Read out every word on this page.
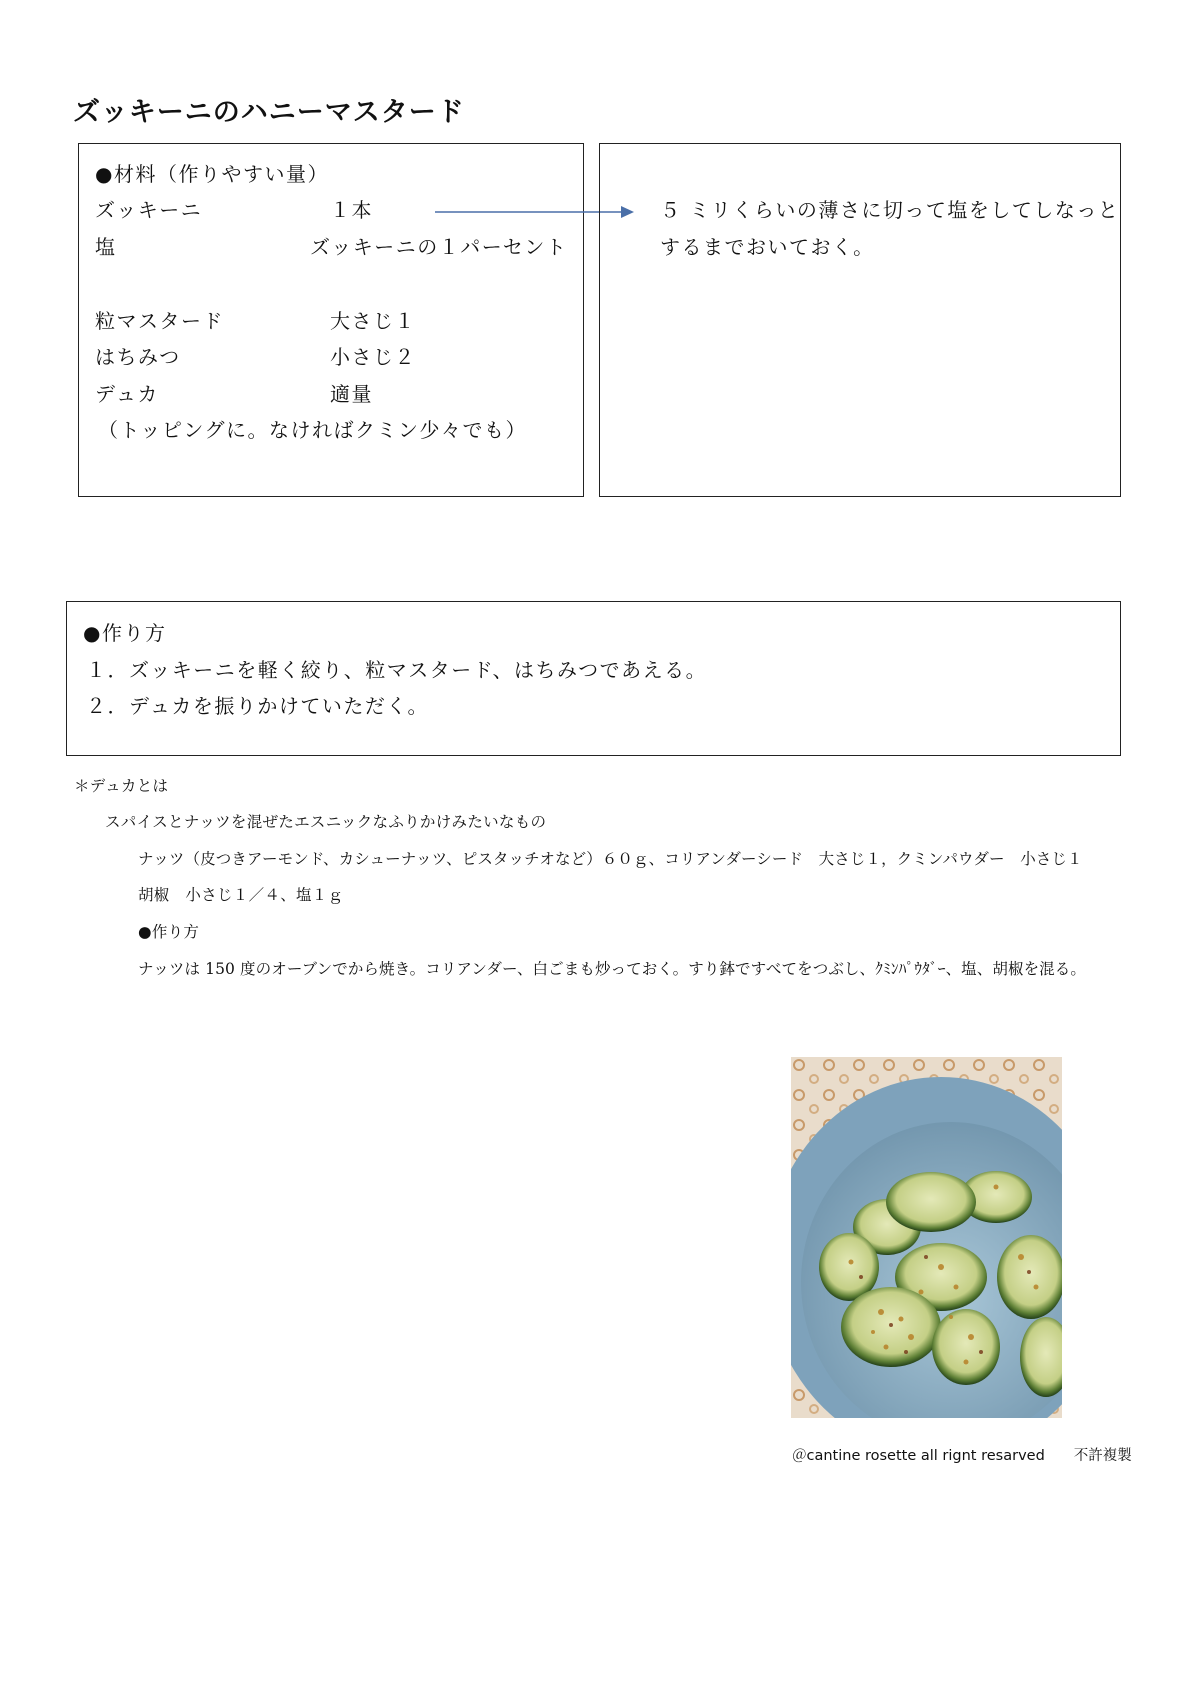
ズッキーニのハニーマスタード
●材料（作りやすい量）
ズッキーニ	１本
塩	ズッキーニの１パーセント
粒マスタード	大さじ１
はちみつ	小さじ２
デュカ	適量
（トッピングに。なければクミン少々でも）
５ ミリくらいの薄さに切って塩をしてしなっと
するまでおいておく。
●作り方
１．ズッキーニを軽く絞り、粒マスタード、はちみつであえる。
２．デュカを振りかけていただく。
＊デュカとは
スパイスとナッツを混ぜたエスニックなふりかけみたいなもの
ナッツ（皮つきアーモンド、カシューナッツ、ピスタッチオなど）６０ｇ、コリアンダーシード　大さじ１，クミンパウダー　小さじ１
胡椒　小さじ１／４、塩１ｇ
●作り方
ナッツは 150 度のオーブンでから焼き。コリアンダー、白ごまも炒っておく。すり鉢ですべてをつぶし、ｸﾐﾝﾊﾟｳﾀﾞｰ、塩、胡椒を混る。
＠cantine rosette all rignt resarved　　不許複製
